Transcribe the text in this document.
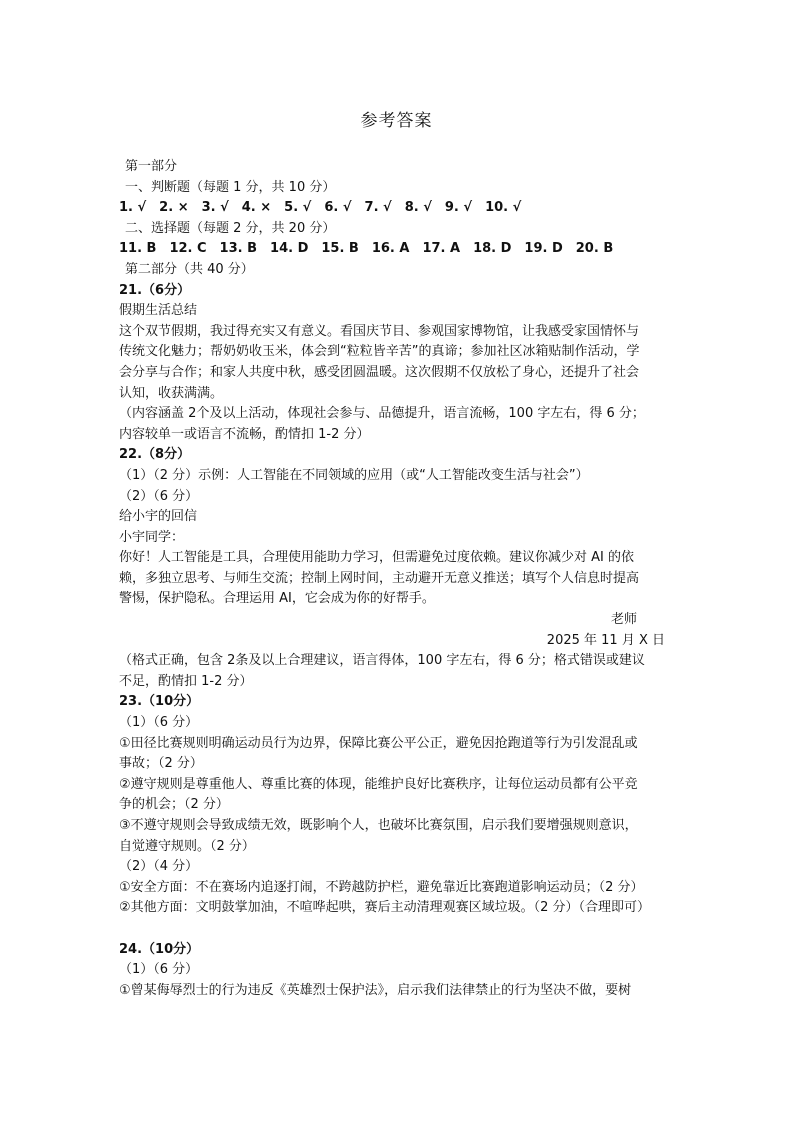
参考答案
第一部分
一、判断题（每题 1 分，共 10 分）
1. √　2. ×　3. √　4. ×　5. √　6. √　7. √　8. √　9. √　10. √
二、选择题（每题 2 分，共 20 分）
11. B　12. C　13. B　14. D　15. B　16. A　17. A　18. D　19. D　20. B
第二部分（共 40 分）
21.（6分）
假期生活总结
这个双节假期，我过得充实又有意义。看国庆节目、参观国家博物馆，让我感受家国情怀与
传统文化魅力；帮奶奶收玉米，体会到“粒粒皆辛苦”的真谛；参加社区冰箱贴制作活动，学
会分享与合作；和家人共度中秋，感受团圆温暖。这次假期不仅放松了身心，还提升了社会
认知，收获满满。
（内容涵盖 2个及以上活动，体现社会参与、品德提升，语言流畅，100 字左右，得 6 分；
内容较单一或语言不流畅，酌情扣 1-2 分）
22.（8分）
（1）（2 分）示例：人工智能在不同领域的应用（或“人工智能改变生活与社会”）
（2）（6 分）
给小宇的回信
小宇同学：
你好！人工智能是工具，合理使用能助力学习，但需避免过度依赖。建议你减少对 AI 的依
赖，多独立思考、与师生交流；控制上网时间，主动避开无意义推送；填写个人信息时提高
警惕，保护隐私。合理运用 AI，它会成为你的好帮手。
老师
2025 年 11 月 X 日
（格式正确，包含 2条及以上合理建议，语言得体，100 字左右，得 6 分；格式错误或建议
不足，酌情扣 1-2 分）
23.（10分）
（1）（6 分）
①田径比赛规则明确运动员行为边界，保障比赛公平公正，避免因抢跑道等行为引发混乱或
事故；（2 分）
②遵守规则是尊重他人、尊重比赛的体现，能维护良好比赛秩序，让每位运动员都有公平竞
争的机会；（2 分）
③不遵守规则会导致成绩无效，既影响个人，也破坏比赛氛围，启示我们要增强规则意识，
自觉遵守规则。（2 分）
（2）（4 分）
①安全方面：不在赛场内追逐打闹，不跨越防护栏，避免靠近比赛跑道影响运动员；（2 分）
②其他方面：文明鼓掌加油，不喧哗起哄，赛后主动清理观赛区域垃圾。（2 分）（合理即可）
24.（10分）
（1）（6 分）
①曾某侮辱烈士的行为违反《英雄烈士保护法》，启示我们法律禁止的行为坚决不做，要树
